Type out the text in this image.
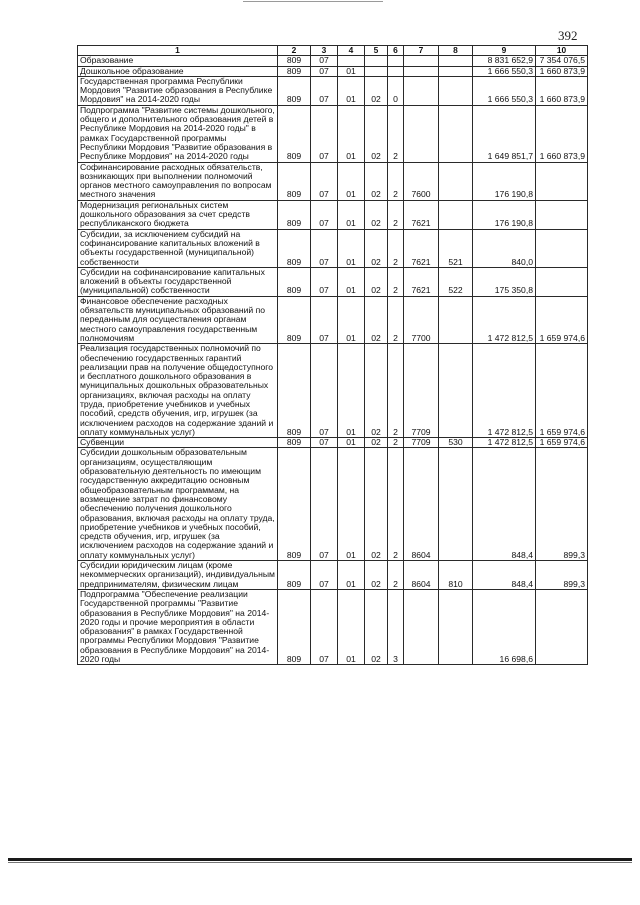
392
1	2	3	4	5	6	7	8	9	10
Образование	809	07						8 831 652,9	7 354 076,5
Дошкольное образование	809	07	01					1 666 550,3	1 660 873,9
Государственная программа Республики Мордовия "Развитие образования в Республике Мордовия" на 2014-2020 годы	809	07	01	02	0			1 666 550,3	1 660 873,9
Подпрограмма "Развитие системы дошкольного, общего и дополнительного образования детей в Республике Мордовия на 2014-2020 годы" в рамках Государственной программы Республики Мордовия "Развитие образования в Республике Мордовия" на 2014-2020 годы	809	07	01	02	2			1 649 851,7	1 660 873,9
Софинансирование расходных обязательств, возникающих при выполнении полномочий органов местного самоуправления по вопросам местного значения	809	07	01	02	2	7600		176 190,8	
Модернизация региональных систем дошкольного образования за счет средств республиканского бюджета	809	07	01	02	2	7621		176 190,8	
Субсидии, за исключением субсидий на софинансирование капитальных вложений в объекты государственной (муниципальной) собственности	809	07	01	02	2	7621	521	840,0	
Субсидии на софинансирование капитальных вложений в объекты государственной (муниципальной) собственности	809	07	01	02	2	7621	522	175 350,8	
Финансовое обеспечение расходных обязательств муниципальных образований по переданным для осуществления органам местного самоуправления государственным полномочиям	809	07	01	02	2	7700		1 472 812,5	1 659 974,6
Реализация государственных полномочий по обеспечению государственных гарантий реализации прав на получение общедоступного и бесплатного дошкольного образования в муниципальных дошкольных образовательных организациях, включая расходы на оплату труда, приобретение учебников и учебных пособий, средств обучения, игр, игрушек (за исключением расходов на содержание зданий и оплату коммунальных услуг)	809	07	01	02	2	7709		1 472 812,5	1 659 974,6
Субвенции	809	07	01	02	2	7709	530	1 472 812,5	1 659 974,6
Субсидии дошкольным образовательным организациям, осуществляющим образовательную деятельность по имеющим государственную аккредитацию основным общеобразовательным программам, на возмещение затрат по финансовому обеспечению получения дошкольного образования, включая расходы на оплату труда, приобретение учебников и учебных пособий, средств обучения, игр, игрушек (за исключением расходов на содержание зданий и оплату коммунальных услуг)	809	07	01	02	2	8604		848,4	899,3
Субсидии юридическим лицам (кроме некоммерческих организаций), индивидуальным предпринимателям, физическим лицам	809	07	01	02	2	8604	810	848,4	899,3
Подпрограмма "Обеспечение реализации Государственной программы "Развитие образования в Республике Мордовия" на 2014-2020 годы и прочие мероприятия в области образования" в рамках Государственной программы Республики Мордовия "Развитие образования в Республике Мордовия" на 2014-2020 годы	809	07	01	02	3			16 698,6	
